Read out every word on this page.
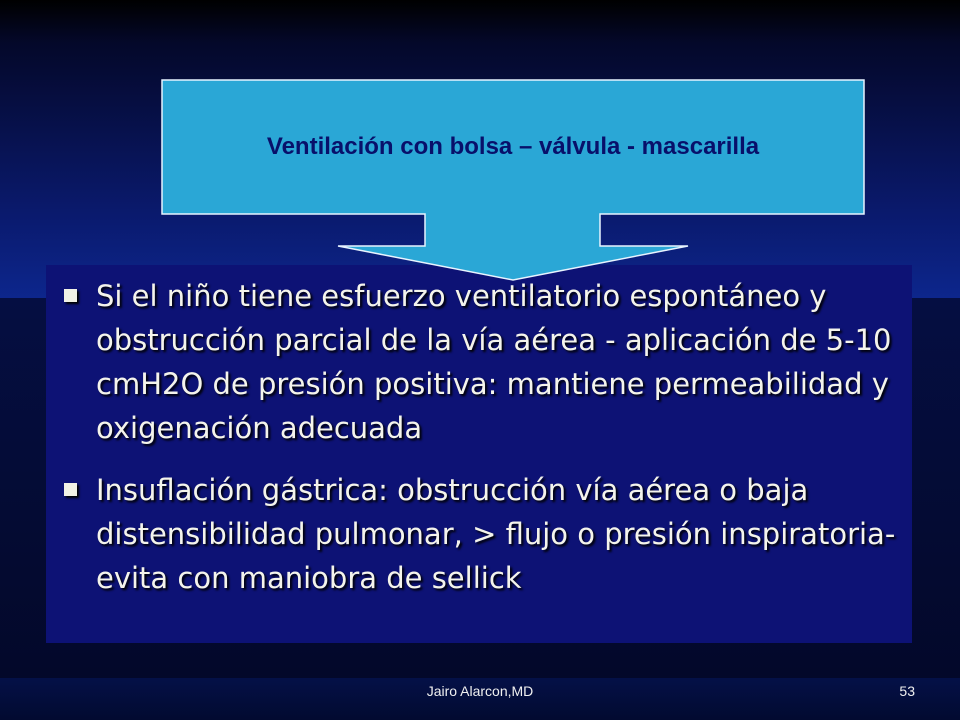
Ventilación con bolsa – válvula - mascarilla
Si el niño tiene esfuerzo ventilatorio espontáneo y obstrucción parcial de la vía aérea - aplicación de 5-10 cmH2O de presión positiva: mantiene permeabilidad y oxigenación adecuada
Insuflación gástrica: obstrucción vía aérea o baja distensibilidad pulmonar, > flujo o presión inspiratoria- evita con maniobra de sellick
Jairo Alarcon,MD	53
